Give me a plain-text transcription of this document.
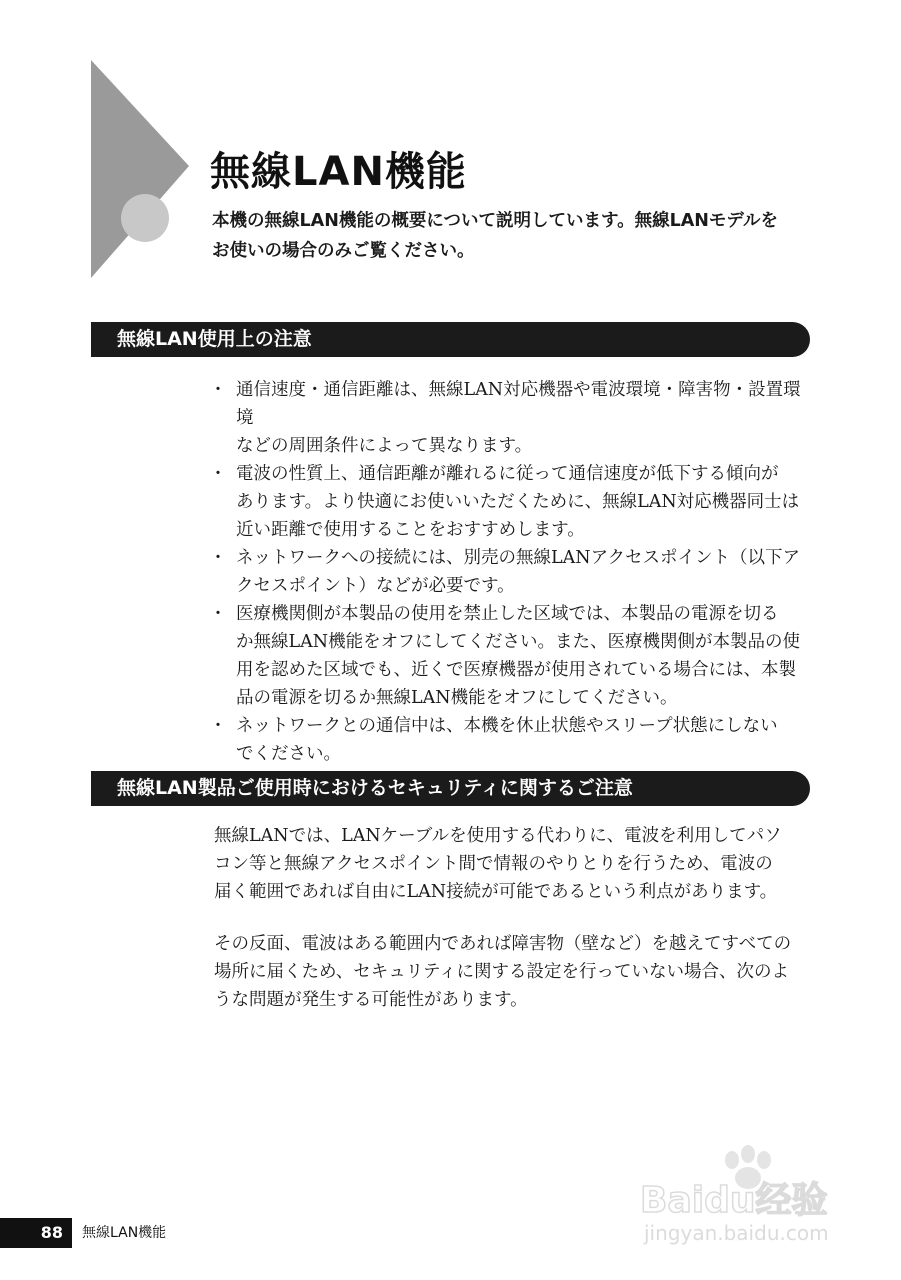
無線LAN機能

本機の無線LAN機能の概要について説明しています。無線LANモデルを
お使いの場合のみご覧ください。

無線LAN使用上の注意
・ 通信速度・通信距離は、無線LAN対応機器や電波環境・障害物・設置環境
などの周囲条件によって異なります。
・ 電波の性質上、通信距離が離れるに従って通信速度が低下する傾向が
あります。より快適にお使いいただくために、無線LAN対応機器同士は
近い距離で使用することをおすすめします。
・ ネットワークへの接続には、別売の無線LANアクセスポイント（以下ア
クセスポイント）などが必要です。
・ 医療機関側が本製品の使用を禁止した区域では、本製品の電源を切る
か無線LAN機能をオフにしてください。また、医療機関側が本製品の使
用を認めた区域でも、近くで医療機器が使用されている場合には、本製
品の電源を切るか無線LAN機能をオフにしてください。
・ ネットワークとの通信中は、本機を休止状態やスリープ状態にしない
でください。
無線LAN製品ご使用時におけるセキュリティに関するご注意

無線LANでは、LANケーブルを使用する代わりに、電波を利用してパソ
コン等と無線アクセスポイント間で情報のやりとりを行うため、電波の
届く範囲であれば自由にLAN接続が可能であるという利点があります。

その反面、電波はある範囲内であれば障害物（壁など）を越えてすべての
場所に届くため、セキュリティに関する設定を行っていない場合、次のよ
うな問題が発生する可能性があります。

Baidu经验
jingyan.baidu.com
88	無線LAN機能
